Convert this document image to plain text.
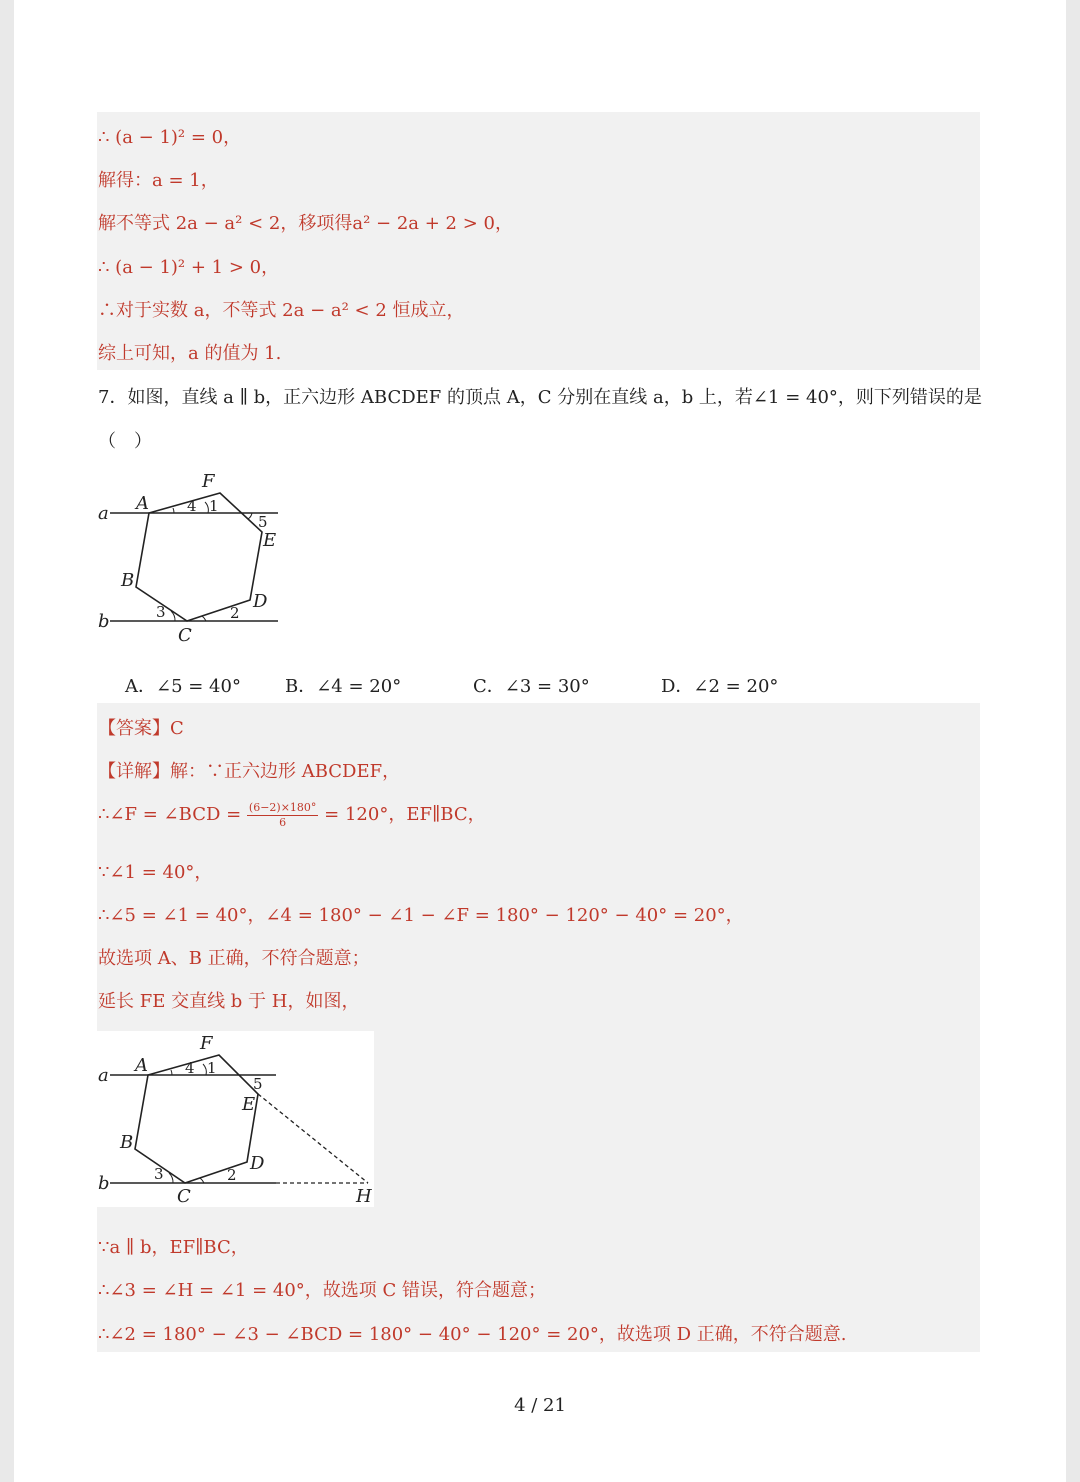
∴ (a − 1)² = 0，
解得：a = 1，
解不等式 2a − a² < 2，移项得a² − 2a + 2 > 0，
∴ (a − 1)² + 1 > 0，
∴对于实数 a，不等式 2a − a² < 2 恒成立，
综上可知，a 的值为 1.
7．如图，直线 a ∥ b，正六边形 ABCDEF 的顶点 A，C 分别在直线 a，b 上，若∠1 = 40°，则下列错误的是
（　）
a
b
A
F
E
D
C
B
4 1
5
3	2
A．∠5 = 40° B．∠4 = 20°	C．∠3 = 30°	D．∠2 = 20°
【答案】C
【详解】解：∵正六边形 ABCDEF，
∴∠F = ∠BCD = $\frac{(6-2)\times 180^\circ}{6} = 120^\circ$，EF∥BC，
∵∠1 = 40°，
∴∠5 = ∠1 = 40°，∠4 = 180° − ∠1 − ∠F = 180° − 120° − 40° = 20°，
故选项 A、B 正确，不符合题意；
延长 FE 交直线 b 于 H，如图，
a
b
A
F
E
D
C
B
H
4 1
5
3	2
∵a ∥ b，EF∥BC，
∴∠3 = ∠H = ∠1 = 40°，故选项 C 错误，符合题意；
∴∠2 = 180° − ∠3 − ∠BCD = 180° − 40° − 120° = 20°，故选项 D 正确，不符合题意.
4 / 21
